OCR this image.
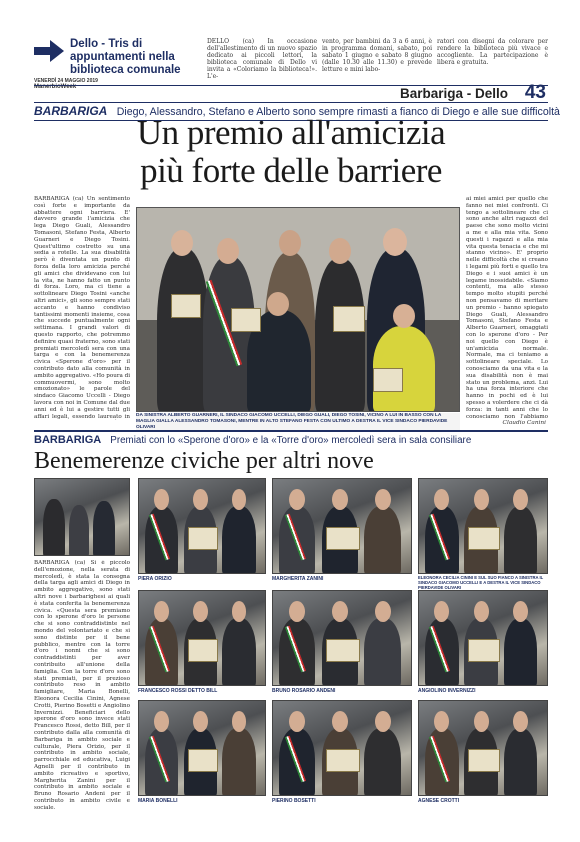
Dello - Tris di appuntamenti nella biblioteca comunale
DELLO (ca) In occasione dell'allestimento di un nuovo spazio dedicato ai piccoli lettori, la biblioteca comunale di Dello vi invita a «Coloriamo la biblioteca!». L'e-
vento, per bambini da 3 a 6 anni, è in programma domani, sabato, poi sabato 1 giugno e sabato 8 giugno (dalle 10.30 alle 11.30) e prevede letture e mini labo-
ratori con disegni da colorare per rendere la biblioteca più vivace e accogliente. La partecipazione è libera e gratuita.
VENERDÌ 24 MAGGIO 2019
ManerbioWeek	Barbariga - Dello 43
BARBARIGA Diego, Alessandro, Stefano e Alberto sono sempre rimasti a fianco di Diego e alle sue difficoltà
Un premio all'amicizia
più forte delle barriere
BARBARIGA (ca) Un sentimento così forte e importante da abbattere ogni barriera. E' davvero grande l'amicizia che lega Diego Guali, Alessandro Tomasoni, Stefano Festa, Alberto Guarneri e Diego Tosini. Quest'ultimo costretto su una sedia a rotelle. La sua disabilità però è diventata un punto di forza della loro amicizia perché gli amici che dividevano con lui la vita, ne hanno fatto un punto di forza. Loro, ma ci tiene a sottolineare Diego Tosini «anche altri amici», gli sono sempre stati accanto e hanno condiviso tantissimi momenti insieme, cosa che succede puntualmente ogni settimana. I grandi valori di questo rapporto, che potremmo definire quasi fraterno, sono stati premiati mercoledì sera con una targa e con la benemerenza civica «Sperone d'oro» per il contributo dato alla comunità in ambito aggregativo. «Ho poura di commuovermi, sono molto emozionato» le parole del sindaco Giacomo Uccelli - Diego lavora con noi in Comune dal due anni ed è lui a gestire tutti gli affari legali, essendo laureato in DA SINISTRA ALBERTO GUARNERI, IL SINDACO GIACOMO UCCELLI, DIEGO GUALI, DIEGO TOSINI, VICINO A LUI IN BASSO CON LA MAGLIA GIALLA ALESSANDRO TOMASONI, MENTRE IN ALTO STEFANO FESTA CON ULTIMO A DESTRA IL VICE SINDACO PIERDAVIDE OLIVARI
ai miei amici per quello che fanno nei miei confronti. Ci tengo a sottolineare che ci sono anche altri ragazzi del paese che sono molto vicini a me e alla mia vita. Sono questi i ragazzi e alla mia vita questa tenacia e che mi stanno vicino». E' proprio nelle difficoltà che si creano i legami più forti e quello tra Diego e i suoi amici è un legame inossidabile. «Siamo contenti, ma allo stesso tempo molto stupiti perché non pensavamo di meritare un premio - hanno spiegato Diego Guali, Alessandro Tomasoni, Stefano Festa e Alberto Guarneri, omaggiati con lo sperone d'oro - Per noi quello con Diego è un'amicizia normale. Normale, ma ci teniamo a sottolineare speciale. Lo conosciamo da una vita e la sua disabilità non è mai stato un problema, anzi. Lui ha una forza interiore che hanno in pochi ed è lui spesso a volerdere che ci dà forza: in tanti anni che lo conosciamo non l'abbiamo
Claudio Canini
BARBARIGA Premiati con lo «Sperone d'oro» e la «Torre d'oro» mercoledì sera in sala consiliare
Benemerenze civiche per altri nove
BARBARIGA (ca) Si è piccolo dell'emozione, nella serata di mercoledì, è stata la consegna della targa agli amici di Diego in ambito aggregativo, sono stati altri nove i barbarighesi ai quali è stata conferita la benemerenza civica. «Questa sera premiamo con lo sperone d'oro le persone che si sono contraddistinte nel mondo del volontariato e che si sono distinte per il bene pubblico, mentre con la torre d'oro i nonni che si sono contraddistinti per aver contribuito all'unione della famiglia. Con la torre d'oro sono stati premiati, per il prezioso contributo reso in ambito famigliare, Maria Bonelli, Eleonora Cecilia Cinini, Agnese Crotti, Pierino Bosetti e Angiolino Invernizzi. Beneficiari dello sperone d'oro sono invece stati Francesco Rossi, detto Bill, per il contributo dalla alla comunità di Barbariga in ambito sociale e culturale, Piera Orizio, per il contributo in ambito sociale, parrocchiale ed educativa, Luigi Agnelli per il contributo in ambito ricreativo e sportivo, Margherita Zanini per il contributo in ambito sociale e Bruno Rosario Andeni per il contributo in ambito civile e sociale.
PIERA ORIZIO	MARGHERITA ZANINI	ELEONORA CECILIA CININI E SUL SUO FIANCO A SINISTRA IL SINDACO GIACOMO UCCELLI E A DESTRA IL VICE SINDACO PIERDAVIDE OLIVARI
FRANCESCO ROSSI DETTO BILL	BRUNO ROSARIO ANDENI	ANGIOLINO INVERNIZZI
MARIA BONELLI	PIERINO BOSETTI	AGNESE CROTTI
